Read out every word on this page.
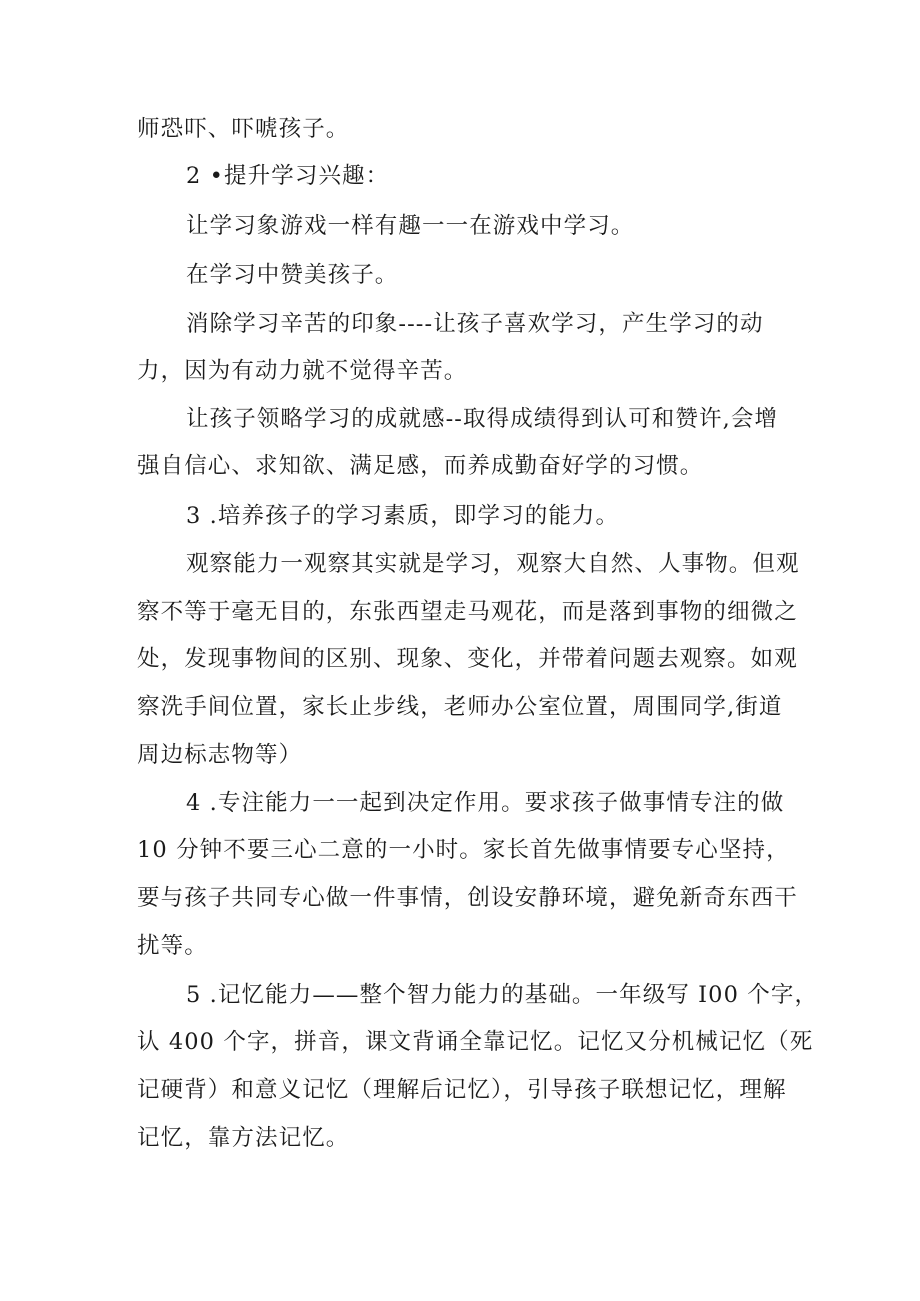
师恐吓、吓唬孩子。
2 •提升学习兴趣：
让学习象游戏一样有趣一一在游戏中学习。
在学习中赞美孩子。
消除学习辛苦的印象----让孩子喜欢学习，产生学习的动
力，因为有动力就不觉得辛苦。
让孩子领略学习的成就感--取得成绩得到认可和赞许,会增
强自信心、求知欲、满足感，而养成勤奋好学的习惯。
3 .培养孩子的学习素质，即学习的能力。
观察能力一观察其实就是学习，观察大自然、人事物。但观
察不等于毫无目的，东张西望走马观花，而是落到事物的细微之
处，发现事物间的区别、现象、变化，并带着问题去观察。如观
察洗手间位置，家长止步线，老师办公室位置，周围同学,街道
周边标志物等）
4 .专注能力一一起到决定作用。要求孩子做事情专注的做
10 分钟不要三心二意的一小时。家长首先做事情要专心坚持，
要与孩子共同专心做一件事情，创设安静环境，避免新奇东西干
扰等。
5 .记忆能力——整个智力能力的基础。一年级写 I00 个字，
认 400 个字，拼音，课文背诵全靠记忆。记忆又分机械记忆（死
记硬背）和意义记忆（理解后记忆），引导孩子联想记忆，理解
记忆，靠方法记忆。
